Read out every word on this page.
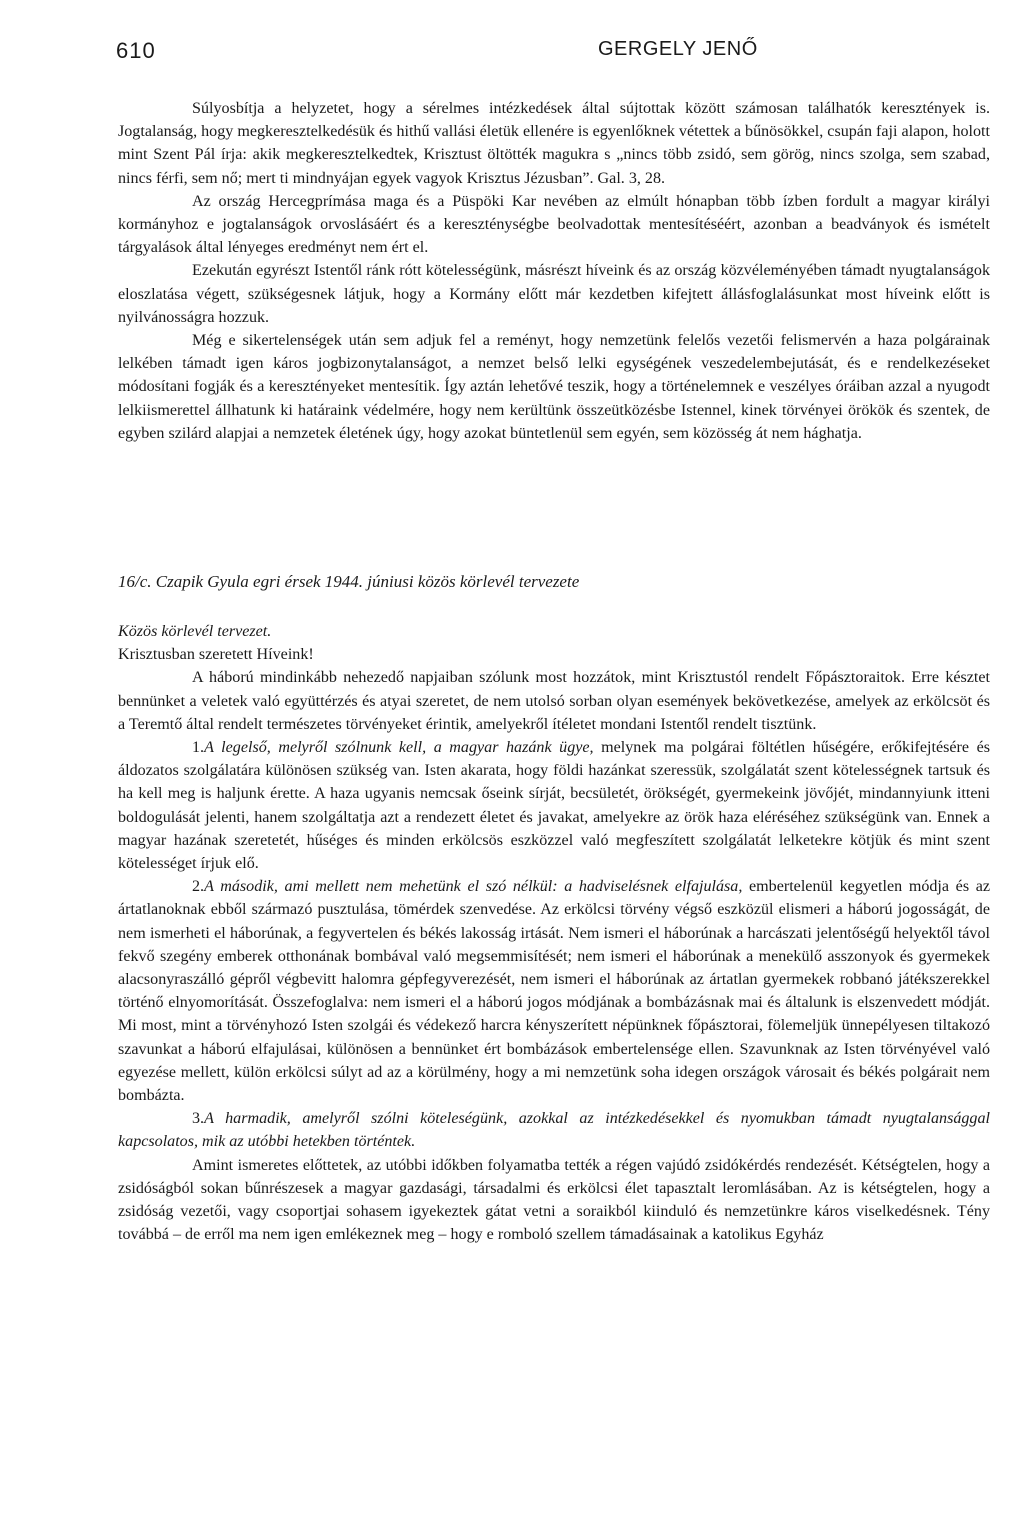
610	GERGELY JENŐ

Súlyosbítja a helyzetet, hogy a sérelmes intézkedések által sújtottak között számosan találhatók keresztények is. Jogtalanság, hogy megkeresztelkedésük és hithű vallási életük ellenére is egyenlőknek vétettek a bűnösökkel, csupán faji alapon, holott mint Szent Pál írja: akik megkeresztelkedtek, Krisztust öltötték magukra s „nincs több zsidó, sem görög, nincs szolga, sem szabad, nincs férfi, sem nő; mert ti mindnyájan egyek vagyok Krisztus Jézusban”. Gal. 3, 28.

Az ország Hercegprímása maga és a Püspöki Kar nevében az elmúlt hónapban több ízben fordult a magyar királyi kormányhoz e jogtalanságok orvoslásáért és a kereszténységbe beolvadottak mentesítéséért, azonban a beadványok és ismételt tárgyalások által lényeges eredményt nem ért el.

Ezekután egyrészt Istentől ránk rótt kötelességünk, másrészt híveink és az ország közvéleményében támadt nyugtalanságok eloszlatása végett, szükségesnek látjuk, hogy a Kormány előtt már kezdetben kifejtett állásfoglalásunkat most híveink előtt is nyilvánosságra hozzuk.

Még e sikertelenségek után sem adjuk fel a reményt, hogy nemzetünk felelős vezetői felismervén a haza polgárainak lelkében támadt igen káros jogbizonytalanságot, a nemzet belső lelki egységének veszedelembejutását, és e rendelkezéseket módosítani fogják és a keresztényeket mentesítik. Így aztán lehetővé teszik, hogy a történelemnek e veszélyes óráiban azzal a nyugodt lelkiismerettel állhatunk ki határaink védelmére, hogy nem kerültünk összeütközésbe Istennel, kinek törvényei örökök és szentek, de egyben szilárd alapjai a nemzetek életének úgy, hogy azokat büntetlenül sem egyén, sem közösség át nem hághatja.

16/c. Czapik Gyula egri érsek 1944. júniusi közös körlevél tervezete

Közös körlevél tervezet.

Krisztusban szeretett Híveink!

A háború mindinkább nehezedő napjaiban szólunk most hozzátok, mint Krisztustól rendelt Főpásztoraitok. Erre késztet bennünket a veletek való együttérzés és atyai szeretet, de nem utolsó sorban olyan események bekövetkezése, amelyek az erkölcsöt és a Teremtő által rendelt természetes törvényeket érintik, amelyekről ítéletet mondani Istentől rendelt tisztünk.

1.A legelső, melyről szólnunk kell, a magyar hazánk ügye, melynek ma polgárai föltétlen hűségére, erőkifejtésére és áldozatos szolgálatára különösen szükség van. Isten akarata, hogy földi hazánkat szeressük, szolgálatát szent kötelességnek tartsuk és ha kell meg is haljunk érette. A haza ugyanis nemcsak őseink sírját, becsületét, örökségét, gyermekeink jövőjét, mindannyiunk itteni boldogulását jelenti, hanem szolgáltatja azt a rendezett életet és javakat, amelyekre az örök haza eléréséhez szükségünk van. Ennek a magyar hazának szeretetét, hűséges és minden erkölcsös eszközzel való megfeszített szolgálatát lelketekre kötjük és mint szent kötelességet írjuk elő.

2.A második, ami mellett nem mehetünk el szó nélkül: a hadviselésnek elfajulása, embertelenül kegyetlen módja és az ártatlanoknak ebből származó pusztulása, tömérdek szenvedése. Az erkölcsi törvény végső eszközül elismeri a háború jogosságát, de nem ismerheti el háborúnak, a fegyvertelen és békés lakosság irtását. Nem ismeri el háborúnak a harcászati jelentőségű helyektől távol fekvő szegény emberek otthonának bombával való megsemmisítését; nem ismeri el háborúnak a menekülő asszonyok és gyermekek alacsonyraszálló gépről végbevitt halomra gépfegyverezését, nem ismeri el háborúnak az ártatlan gyermekek robbanó játékszerekkel történő elnyomorítását. Összefoglalva: nem ismeri el a háború jogos módjának a bombázásnak mai és általunk is elszenvedett módját. Mi most, mint a törvényhozó Isten szolgái és védekező harcra kényszerített népünknek főpásztorai, fölemeljük ünnepélyesen tiltakozó szavunkat a háború elfajulásai, különösen a bennünket ért bombázások embertelensége ellen. Szavunknak az Isten törvényével való egyezése mellett, külön erkölcsi súlyt ad az a körülmény, hogy a mi nemzetünk soha idegen országok városait és békés polgárait nem bombázta.

3.A harmadik, amelyről szólni köteleségünk, azokkal az intézkedésekkel és nyomukban támadt nyugtalansággal kapcsolatos, mik az utóbbi hetekben történtek.

Amint ismeretes előttetek, az utóbbi időkben folyamatba tették a régen vajúdó zsidókérdés rendezését. Kétségtelen, hogy a zsidóságból sokan bűnrészesek a magyar gazdasági, társadalmi és erkölcsi élet tapasztalt leromlásában. Az is kétségtelen, hogy a zsidóság vezetői, vagy csoportjai sohasem igyekeztek gátat vetni a soraikból kiinduló és nemzetünkre káros viselkedésnek. Tény továbbá – de erről ma nem igen emlékeznek meg – hogy e romboló szellem támadásainak a katolikus Egyház
